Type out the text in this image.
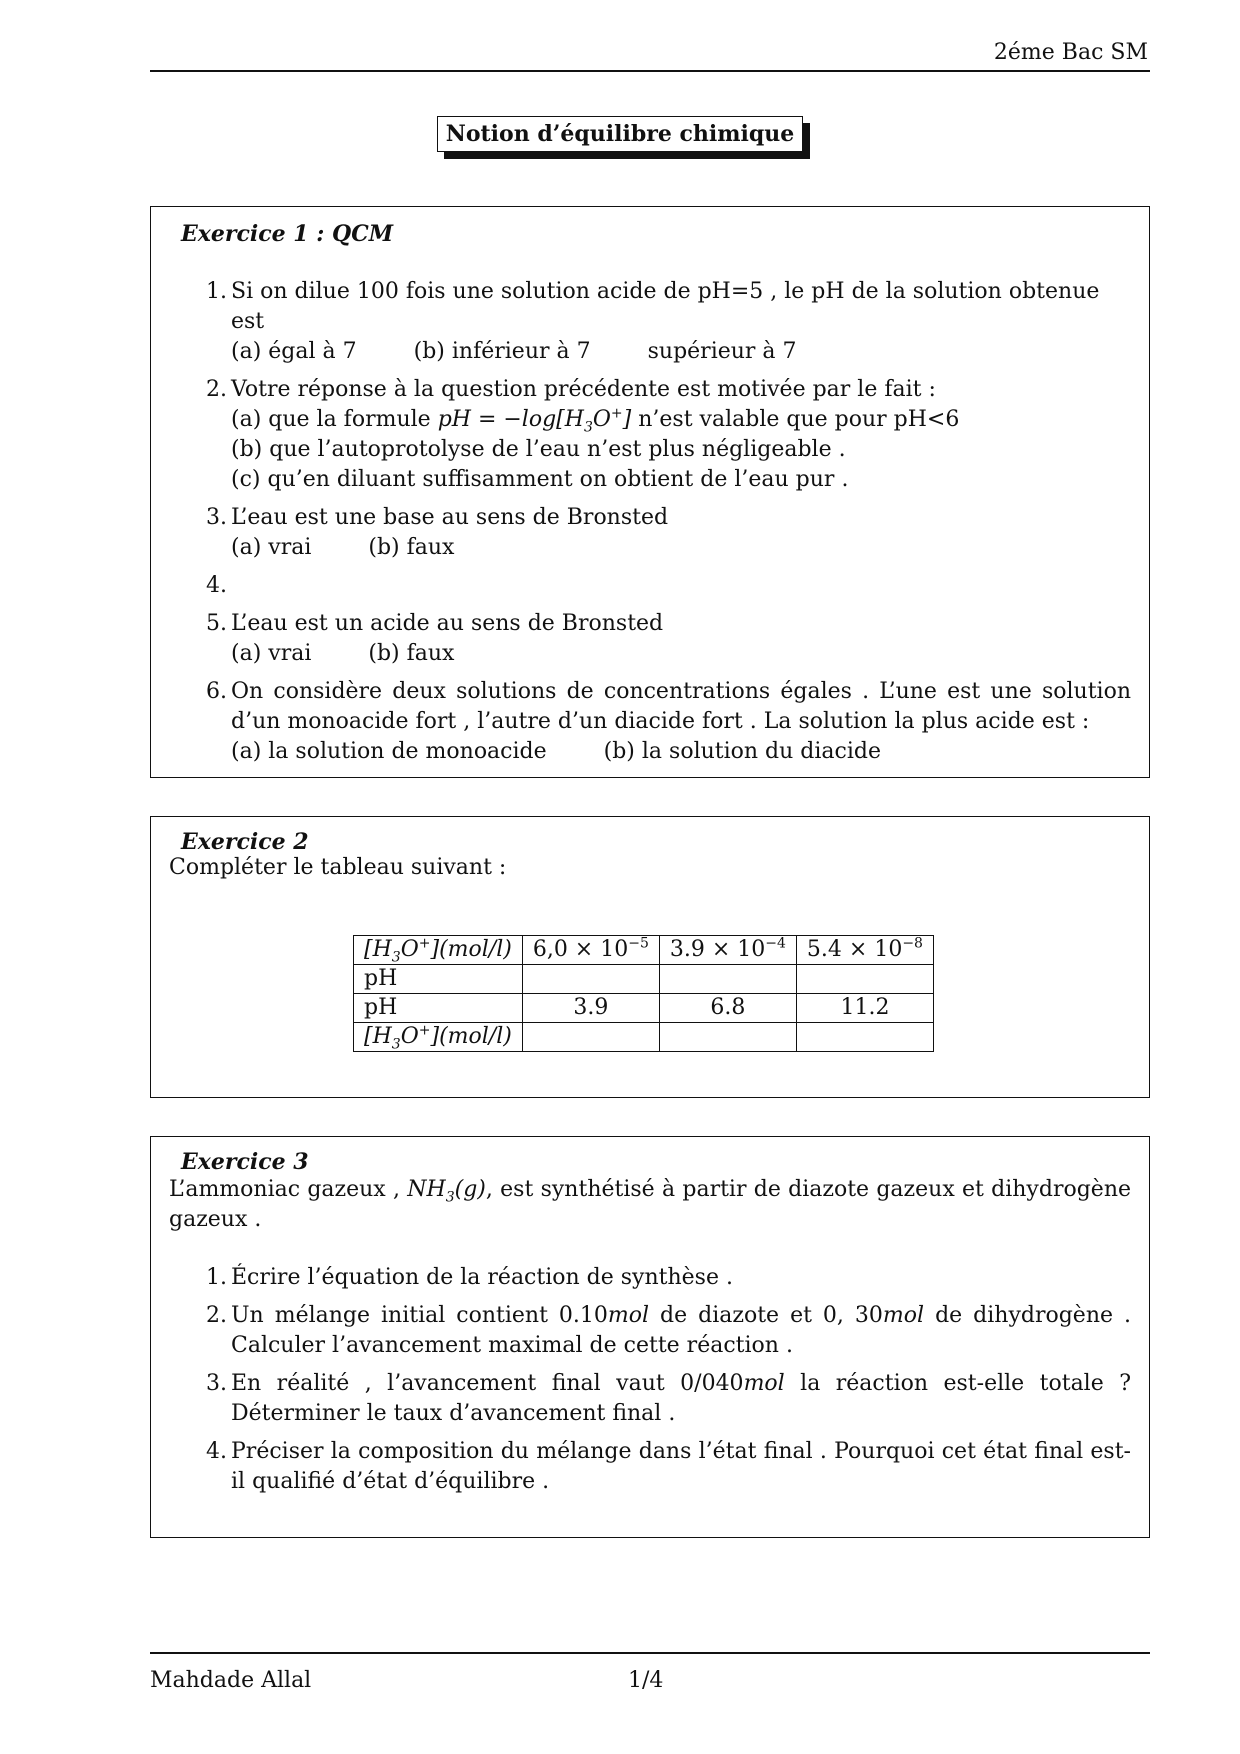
2éme Bac SM
Notion d’équilibre chimique
Exercice 1 : QCM
1. Si on dilue 100 fois une solution acide de pH=5 , le pH de la solution obtenue est
(a) égal à 7	(b) inférieur à 7	supérieur à 7
2. Votre réponse à la question précédente est motivée par le fait :
(a) que la formule pH = $-\log[H_3O^+]$ n’est valable que pour pH<6
(b) que l’autoprotolyse de l’eau n’est plus négligeable .
(c) qu’en diluant suffisamment on obtient de l’eau pur .
3. L’eau est une base au sens de Bronsted
(a) vrai	(b) faux
4.

5. L’eau est un acide au sens de Bronsted
(a) vrai	(b) faux
6. On considère deux solutions de concentrations égales . L’une est une solution d’un monoacide fort , l’autre d’un diacide fort . La solution la plus acide est :
(a) la solution de monoacide	(b) la solution du diacide
Exercice 2
Compléter le tableau suivant :
$[H_3O^+](mol/l)$	$6,0 \times 10^{-5}$	$3.9 \times 10^{-4}$	$5.4 \times 10^{-8}$
pH			
pH	3.9	6.8	11.2
$[H_3O^+](mol/l)$			
Exercice 3
L’ammoniac gazeux , $NH_3(g)$, est synthétisé à partir de diazote gazeux et dihydrogène gazeux .
1. Écrire l’équation de la réaction de synthèse .
2. Un mélange initial contient 0.10mol de diazote et 0, 30mol de dihydrogène . Calculer l’avancement maximal de cette réaction .
3. En réalité , l’avancement final vaut 0/040mol la réaction est-elle totale ? Déterminer le taux d’avancement final .
4. Préciser la composition du mélange dans l’état final . Pourquoi cet état final est-il qualifié d’état d’équilibre .
Mahdade Allal	1/4
